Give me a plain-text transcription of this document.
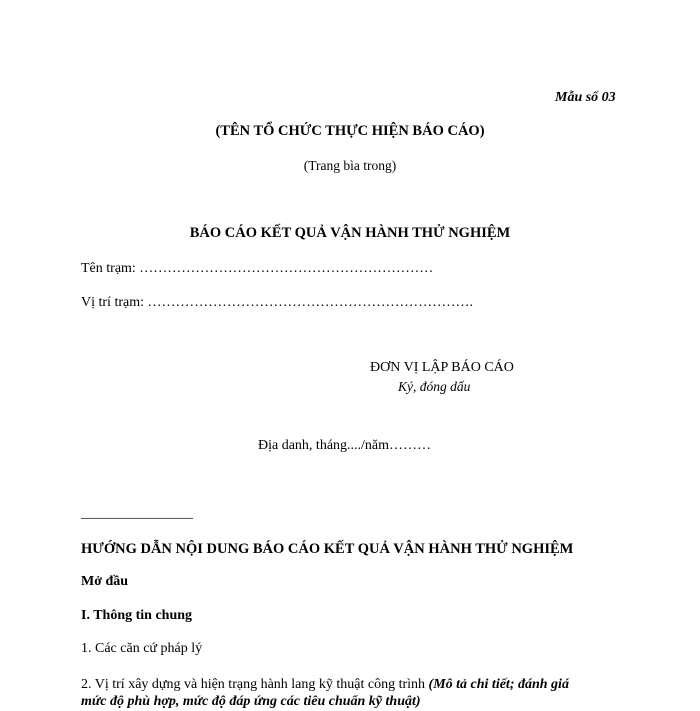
Mẫu số 03
(TÊN TỔ CHỨC THỰC HIỆN BÁO CÁO)
(Trang bìa trong)
BÁO CÁO KẾT QUẢ VẬN HÀNH THỬ NGHIỆM
Tên trạm: ………………………………………………………
Vị trí trạm: …………………………………………………………….
ĐƠN VỊ LẬP BÁO CÁO
Ký, đóng dấu
Địa danh, tháng..../năm………
________________
HƯỚNG DẪN NỘI DUNG BÁO CÁO KẾT QUẢ VẬN HÀNH THỬ NGHIỆM
Mở đầu
I. Thông tin chung
1. Các căn cứ pháp lý
2. Vị trí xây dựng và hiện trạng hành lang kỹ thuật công trình (Mô tả chi tiết; đánh giá
mức độ phù hợp, mức độ đáp ứng các tiêu chuẩn kỹ thuật)
